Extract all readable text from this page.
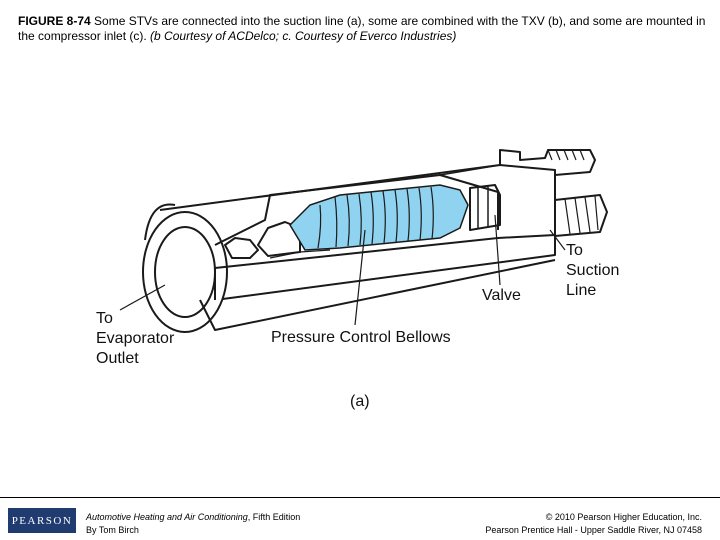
FIGURE 8-74 Some STVs are connected into the suction line (a), some are combined with the TXV (b), and some are mounted in the compressor inlet (c). (b Courtesy of ACDelco; c. Courtesy of Everco Industries)
To
Evaporator
Outlet
Pressure Control Bellows
Valve
To
Suction
Line
(a)
PEARSON Automotive Heating and Air Conditioning, Fifth Edition
By Tom Birch
© 2010 Pearson Higher Education, Inc.
Pearson Prentice Hall - Upper Saddle River, NJ 07458
